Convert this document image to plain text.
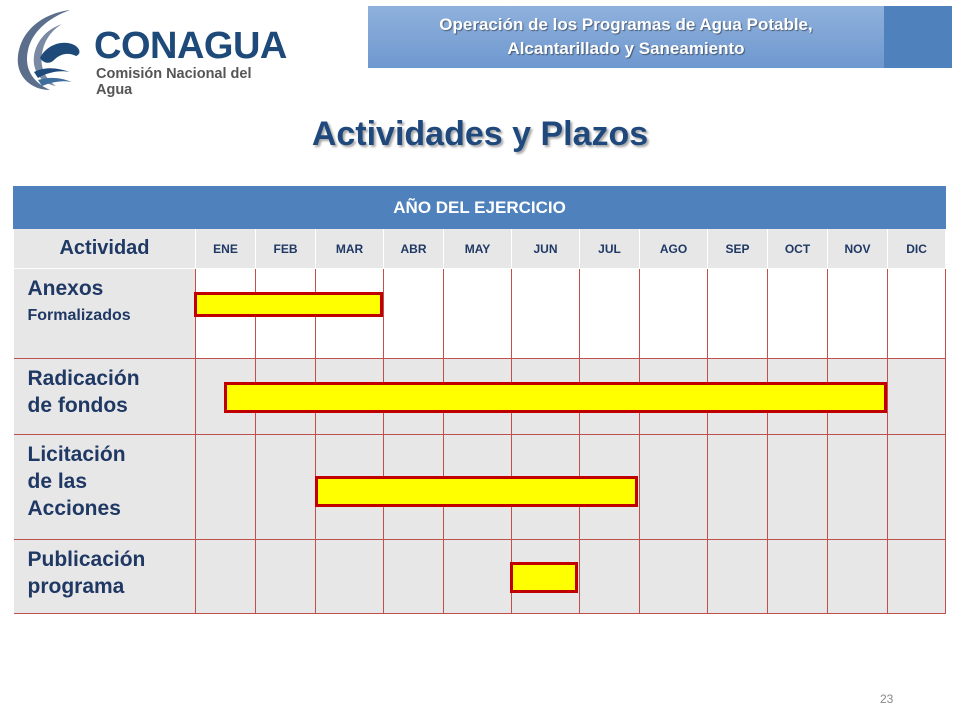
CONAGUA
Comisión Nacional del Agua
Operación de los Programas de Agua Potable,
Alcantarillado y Saneamiento
Actividades y Plazos
AÑO DEL EJERCICIO												
Actividad	ENE	FEB	MAR	ABR	MAY	JUN	JUL	AGO	SEP	OCT	NOV	DIC

Anexos
Formalizados												

Radicación
de fondos												

Licitación
de las
Acciones												

Publicación
programa												

23
